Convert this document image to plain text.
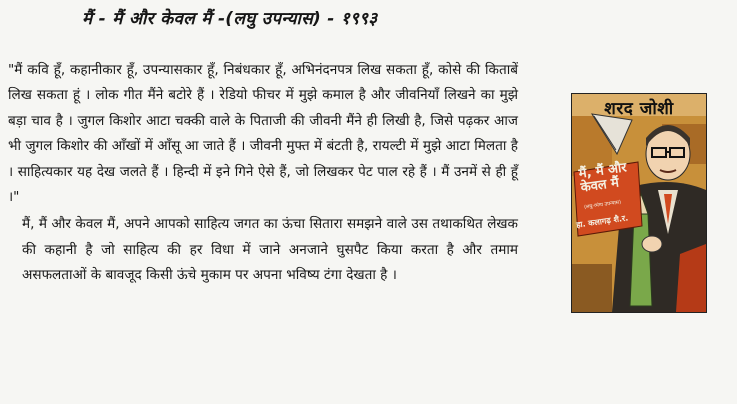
मैं - मैं और केवल मैं -(लघु उपन्यास) - १९९३

"मैं कवि हूँ, कहानीकार हूँ, उपन्यासकार हूँ, निबंधकार हूँ, अभिनंदनपत्र लिख सकता हूँ, कोसे की किताबें लिख सकता हूं । लोक गीत मैंने बटोरे हैं । रेडियो फीचर में मुझे कमाल है और जीवनियाँ लिखने का मुझे बड़ा चाव है । जुगल किशोर आटा चक्की वाले के पिताजी की जीवनी मैंने ही लिखी है, जिसे पढ़कर आज भी जुगल किशोर की आँखों में आँसू आ जाते हैं । जीवनी मुफ्त में बंटती है, रायल्टी में मुझे आटा मिलता है । साहित्यकार यह देख जलते हैं । हिन्दी में इने गिने ऐसे हैं, जो लिखकर पेट पाल रहे हैं । मैं उनमें से ही हूँ ।"

मैं, मैं और केवल मैं, अपने आपको साहित्य जगत का ऊंचा सितारा समझने वाले उस तथाकथित लेखक की कहानी है जो साहित्य की हर विधा में जाने अनजाने घुसपैट किया करता है और तमाम असफलताओं के बावजूद किसी ऊंचे मुकाम पर अपना भविष्य टंगा देखता है ।

शरद जोशी
मैं, मैं और केवल मैं
(लघु-व्यंग्य उपन्यास)
हा. कलागढ़ शै.र.
